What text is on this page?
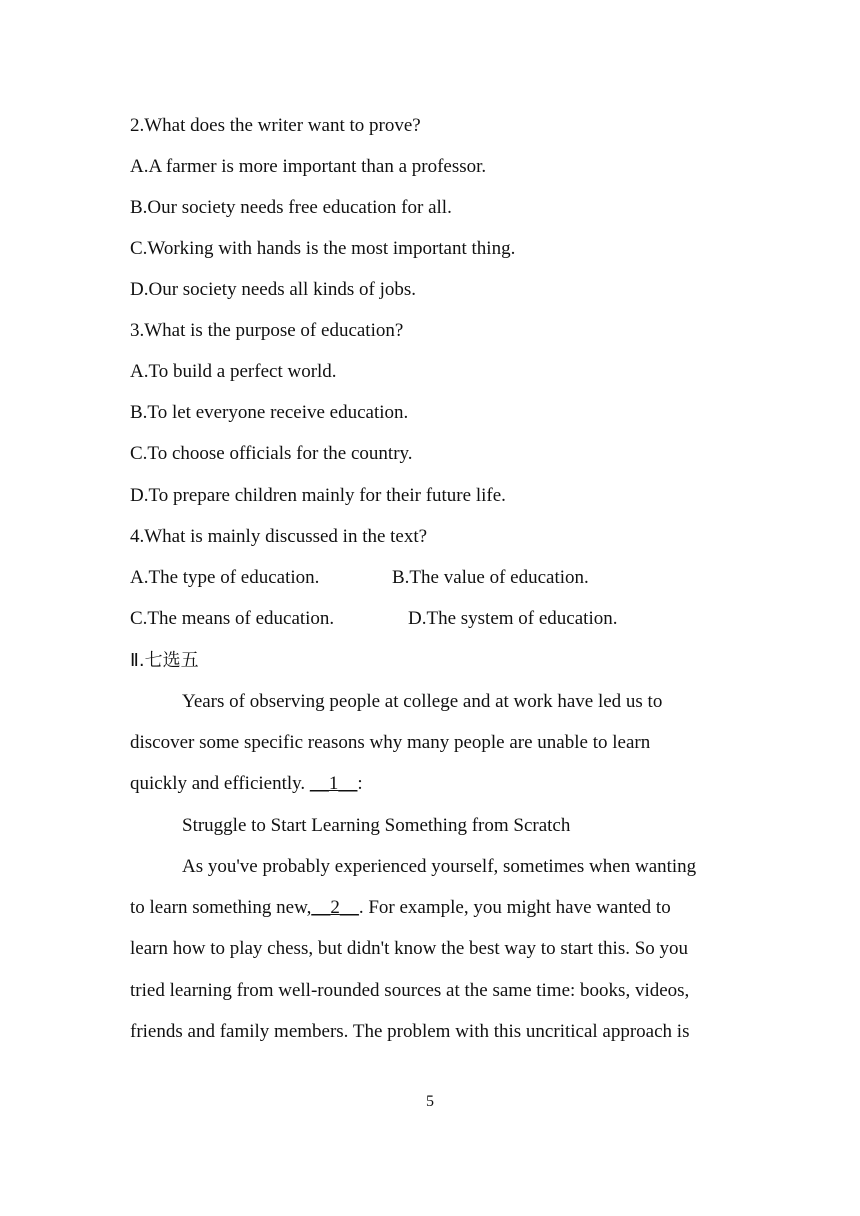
2.What does the writer want to prove?
A.A farmer is more important than a professor.
B.Our society needs free education for all.
C.Working with hands is the most important thing.
D.Our society needs all kinds of jobs.
3.What is the purpose of education?
A.To build a perfect world.
B.To let everyone receive education.
C.To choose officials for the country.
D.To prepare children mainly for their future life.
4.What is mainly discussed in the text?
A.The type of education.	B.The value of education.
C.The means of education.	D.The system of education.
Ⅱ.七选五
Years of observing people at college and at work have led us to
discover some specific reasons why many people are unable to learn
quickly and efficiently. __1__:
Struggle to Start Learning Something from Scratch
As you've probably experienced yourself, sometimes when wanting
to learn something new,__2__. For example, you might have wanted to
learn how to play chess, but didn't know the best way to start this. So you
tried learning from well-rounded sources at the same time: books, videos,
friends and family members. The problem with this uncritical approach is
5
